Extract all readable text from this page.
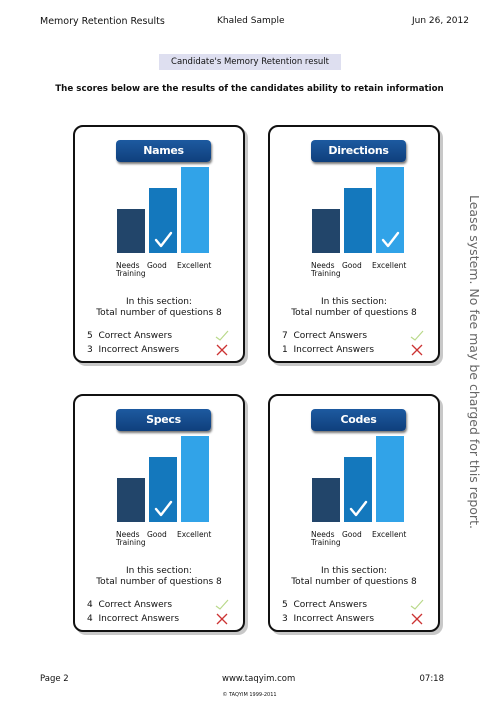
Memory Retention Results	Khaled Sample	Jun 26, 2012
Candidate's Memory Retention result
The scores below are the results of the candidates ability to retain information
Lease system. No fee may be charged for this report.
Names
Needs
Training
Good Excellent
In this section:
Total number of questions 8
5 Correct Answers
3 Incorrect Answers
Directions
Needs
Training
Good Excellent
In this section:
Total number of questions 8
7 Correct Answers
1 Incorrect Answers
Specs
Needs
Training
Good Excellent
In this section:
Total number of questions 8
4 Correct Answers
4 Incorrect Answers
Codes
Needs
Training
Good Excellent
In this section:
Total number of questions 8
5 Correct Answers
3 Incorrect Answers
Page 2	www.taqyim.com	07:18
© TAQYIM 1999-2011
